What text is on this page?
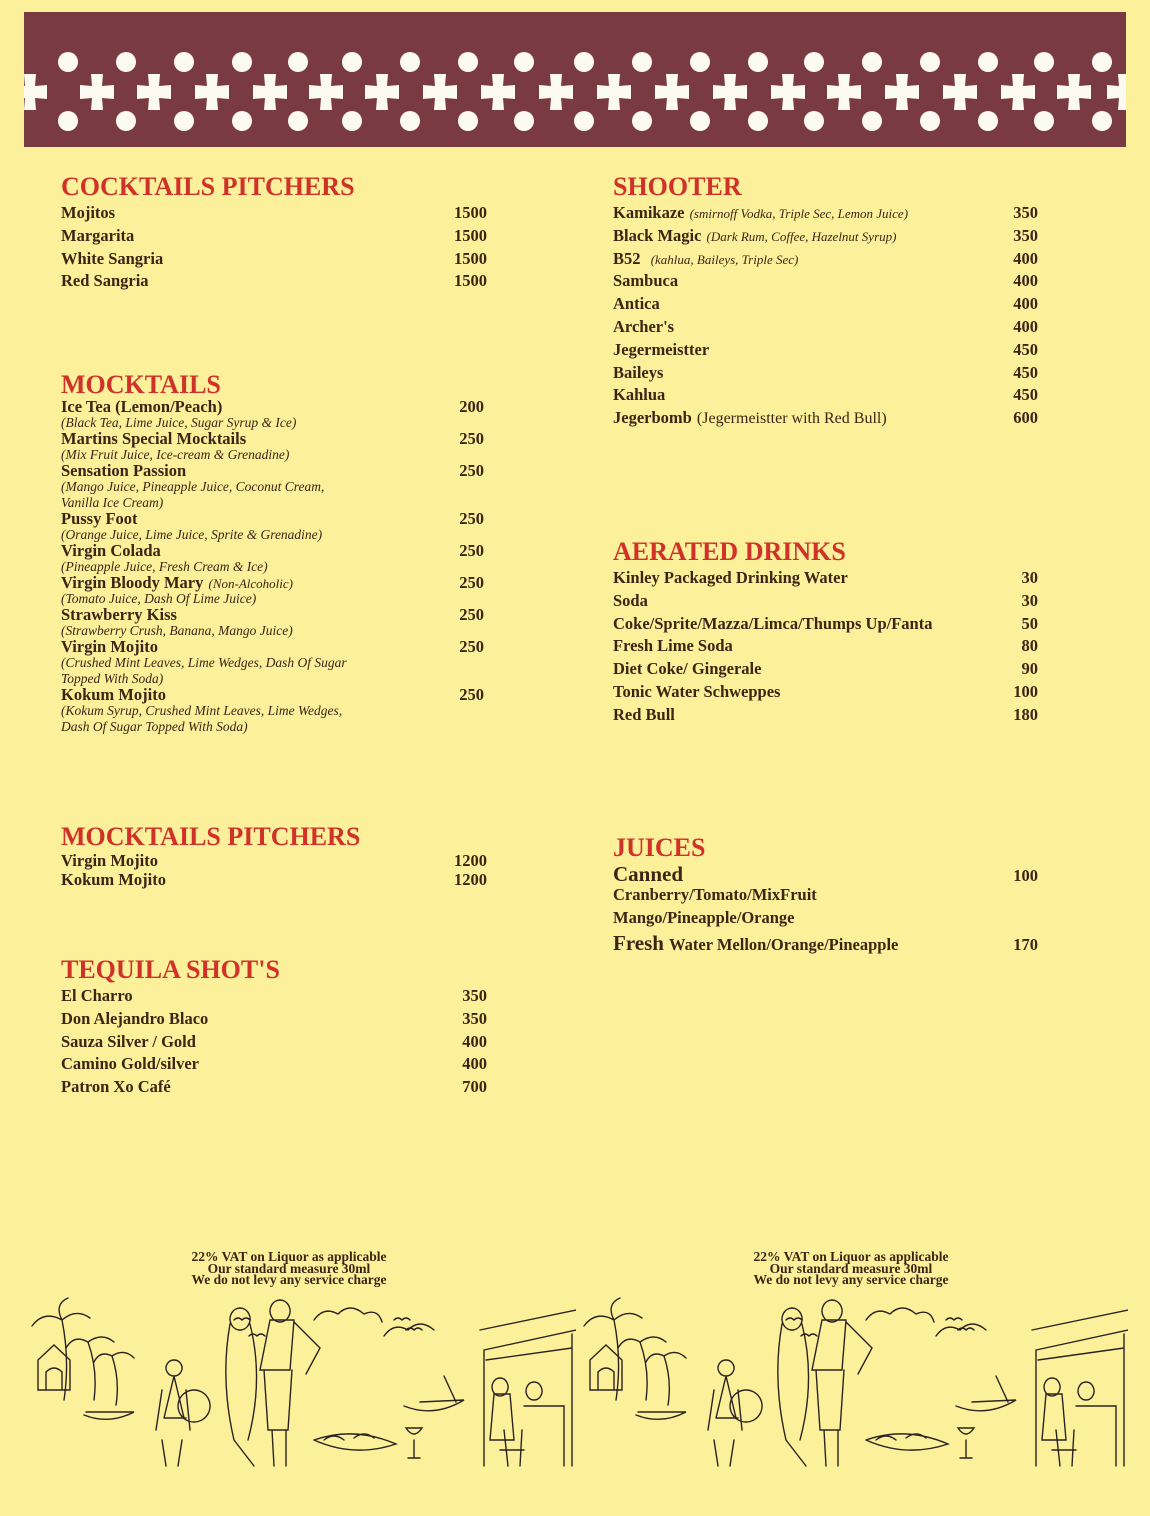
COCKTAILS PITCHERS
Mojitos	1500
Margarita	1500
White Sangria	1500
Red Sangria	1500
MOCKTAILS
Ice Tea (Lemon/Peach)	200
(Black Tea, Lime Juice, Sugar Syrup & Ice)
Martins Special Mocktails	250
(Mix Fruit Juice, Ice-cream & Grenadine)
Sensation Passion	250
(Mango Juice, Pineapple Juice, Coconut Cream, Vanilla Ice Cream)
Pussy Foot	250
(Orange Juice, Lime Juice, Sprite & Grenadine)
Virgin Colada	250
(Pineapple Juice, Fresh Cream & Ice)
Virgin Bloody Mary (Non-Alcoholic)	250
(Tomato Juice, Dash Of Lime Juice)
Strawberry Kiss	250
(Strawberry Crush, Banana, Mango Juice)
Virgin Mojito	250
(Crushed Mint Leaves, Lime Wedges, Dash Of Sugar Topped With Soda)
Kokum Mojito	250
(Kokum Syrup, Crushed Mint Leaves, Lime Wedges, Dash Of Sugar Topped With Soda)
MOCKTAILS PITCHERS
Virgin Mojito	1200
Kokum Mojito	1200
TEQUILA SHOT'S
El Charro	350
Don Alejandro Blaco	350
Sauza Silver / Gold	400
Camino Gold/silver	400
Patron Xo Café	700
SHOOTER
Kamikaze (smirnoff Vodka, Triple Sec, Lemon Juice)	350
Black Magic (Dark Rum, Coffee, Hazelnut Syrup)	350
B52 (kahlua, Baileys, Triple Sec)	400
Sambuca	400
Antica	400
Archer's	400
Jegermeistter	450
Baileys	450
Kahlua	450
Jegerbomb (Jegermeistter with Red Bull)	600
AERATED DRINKS
Kinley Packaged Drinking Water	30
Soda	30
Coke/Sprite/Mazza/Limca/Thumps Up/Fanta	50
Fresh Lime Soda	80
Diet Coke/ Gingerale	90
Tonic Water Schweppes	100
Red Bull	180
JUICES
Canned	100
Cranberry/Tomato/MixFruit
Mango/Pineapple/Orange
Fresh Water Mellon/Orange/Pineapple	170
22% VAT on Liquor as applicable
Our standard measure 30ml
We do not levy any service charge
22% VAT on Liquor as applicable
Our standard measure 30ml
We do not levy any service charge
